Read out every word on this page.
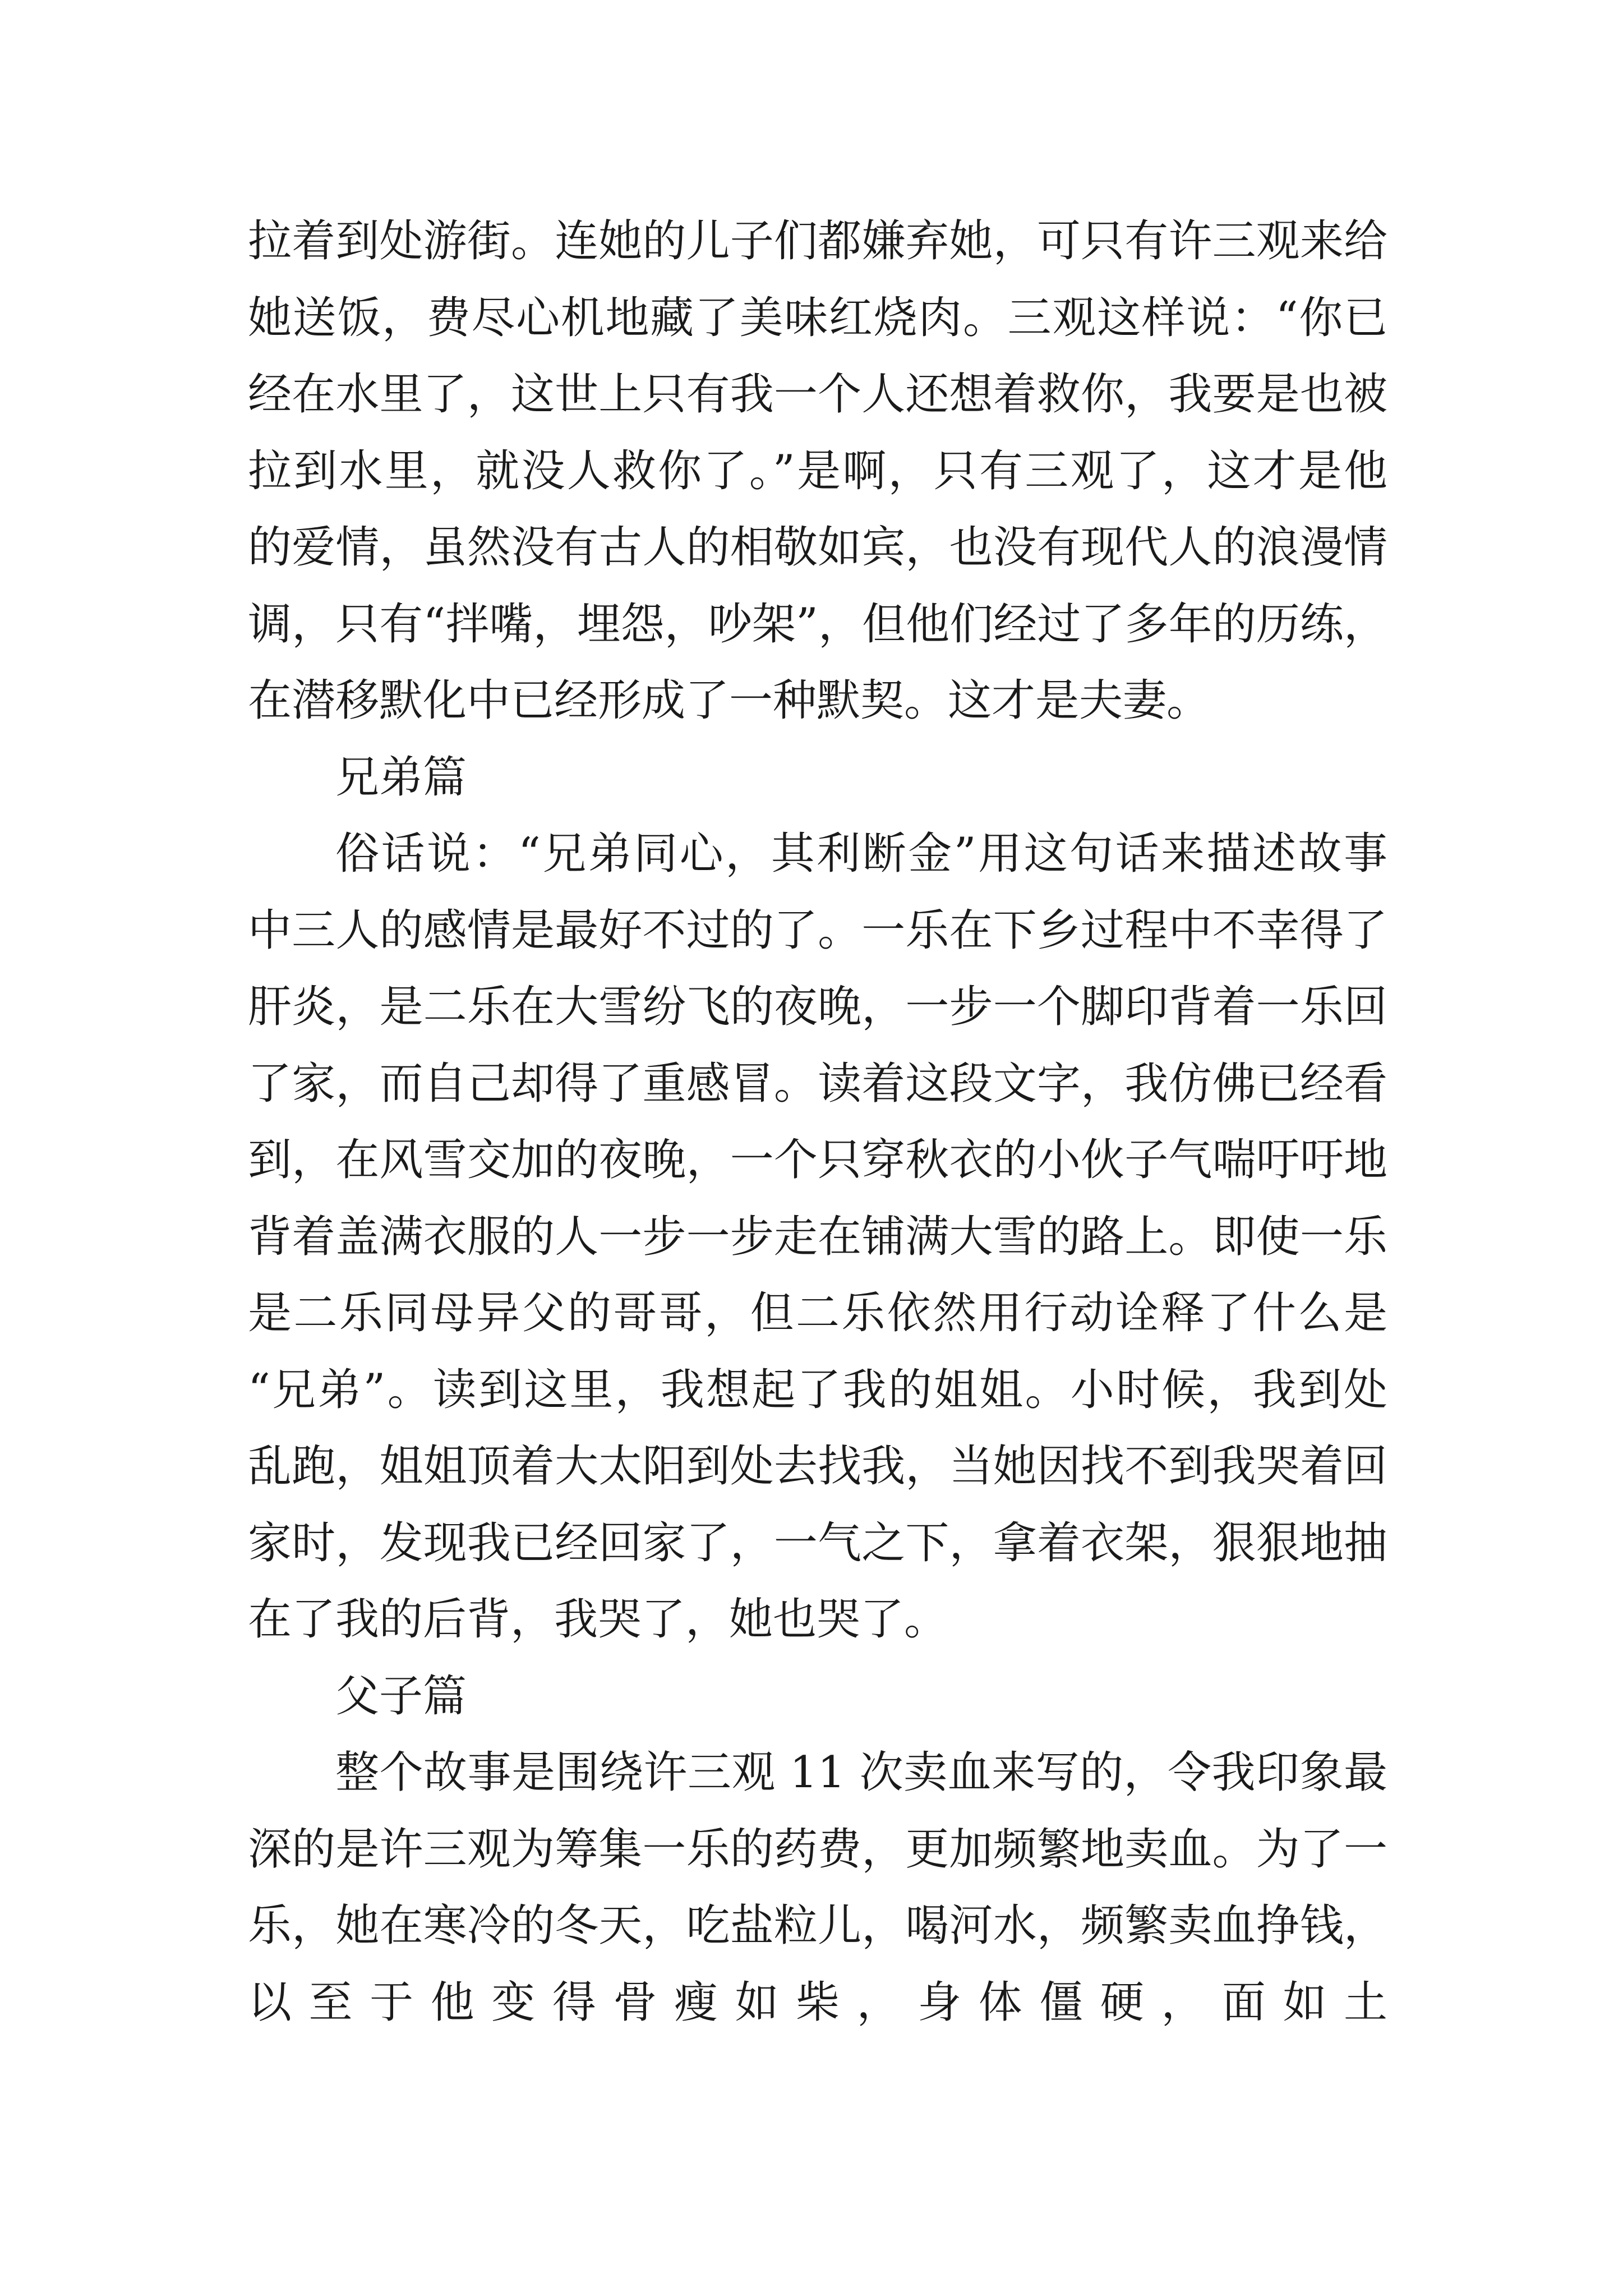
拉着到处游街。连她的儿子们都嫌弃她，可只有许三观来给
她送饭，费尽心机地藏了美味红烧肉。三观这样说：“你已
经在水里了，这世上只有我一个人还想着救你，我要是也被
拉到水里，就没人救你了。”是啊，只有三观了，这才是他
的爱情，虽然没有古人的相敬如宾，也没有现代人的浪漫情
调，只有“拌嘴，埋怨，吵架”，但他们经过了多年的历练，
在潜移默化中已经形成了一种默契。这才是夫妻。
兄弟篇
俗话说：“兄弟同心，其利断金”用这句话来描述故事
中三人的感情是最好不过的了。一乐在下乡过程中不幸得了
肝炎，是二乐在大雪纷飞的夜晚，一步一个脚印背着一乐回
了家，而自己却得了重感冒。读着这段文字，我仿佛已经看
到，在风雪交加的夜晚，一个只穿秋衣的小伙子气喘吁吁地
背着盖满衣服的人一步一步走在铺满大雪的路上。即使一乐
是二乐同母异父的哥哥，但二乐依然用行动诠释了什么是
“兄弟”。读到这里，我想起了我的姐姐。小时候，我到处
乱跑，姐姐顶着大太阳到处去找我，当她因找不到我哭着回
家时，发现我已经回家了，一气之下，拿着衣架，狠狠地抽
在了我的后背，我哭了，她也哭了。
父子篇
整个故事是围绕许三观 11 次卖血来写的，令我印象最
深的是许三观为筹集一乐的药费，更加频繁地卖血。为了一
乐，她在寒冷的冬天，吃盐粒儿，喝河水，频繁卖血挣钱，
以 至 于 他 变 得 骨 瘦 如 柴 ， 身 体 僵 硬 ， 面 如 土
